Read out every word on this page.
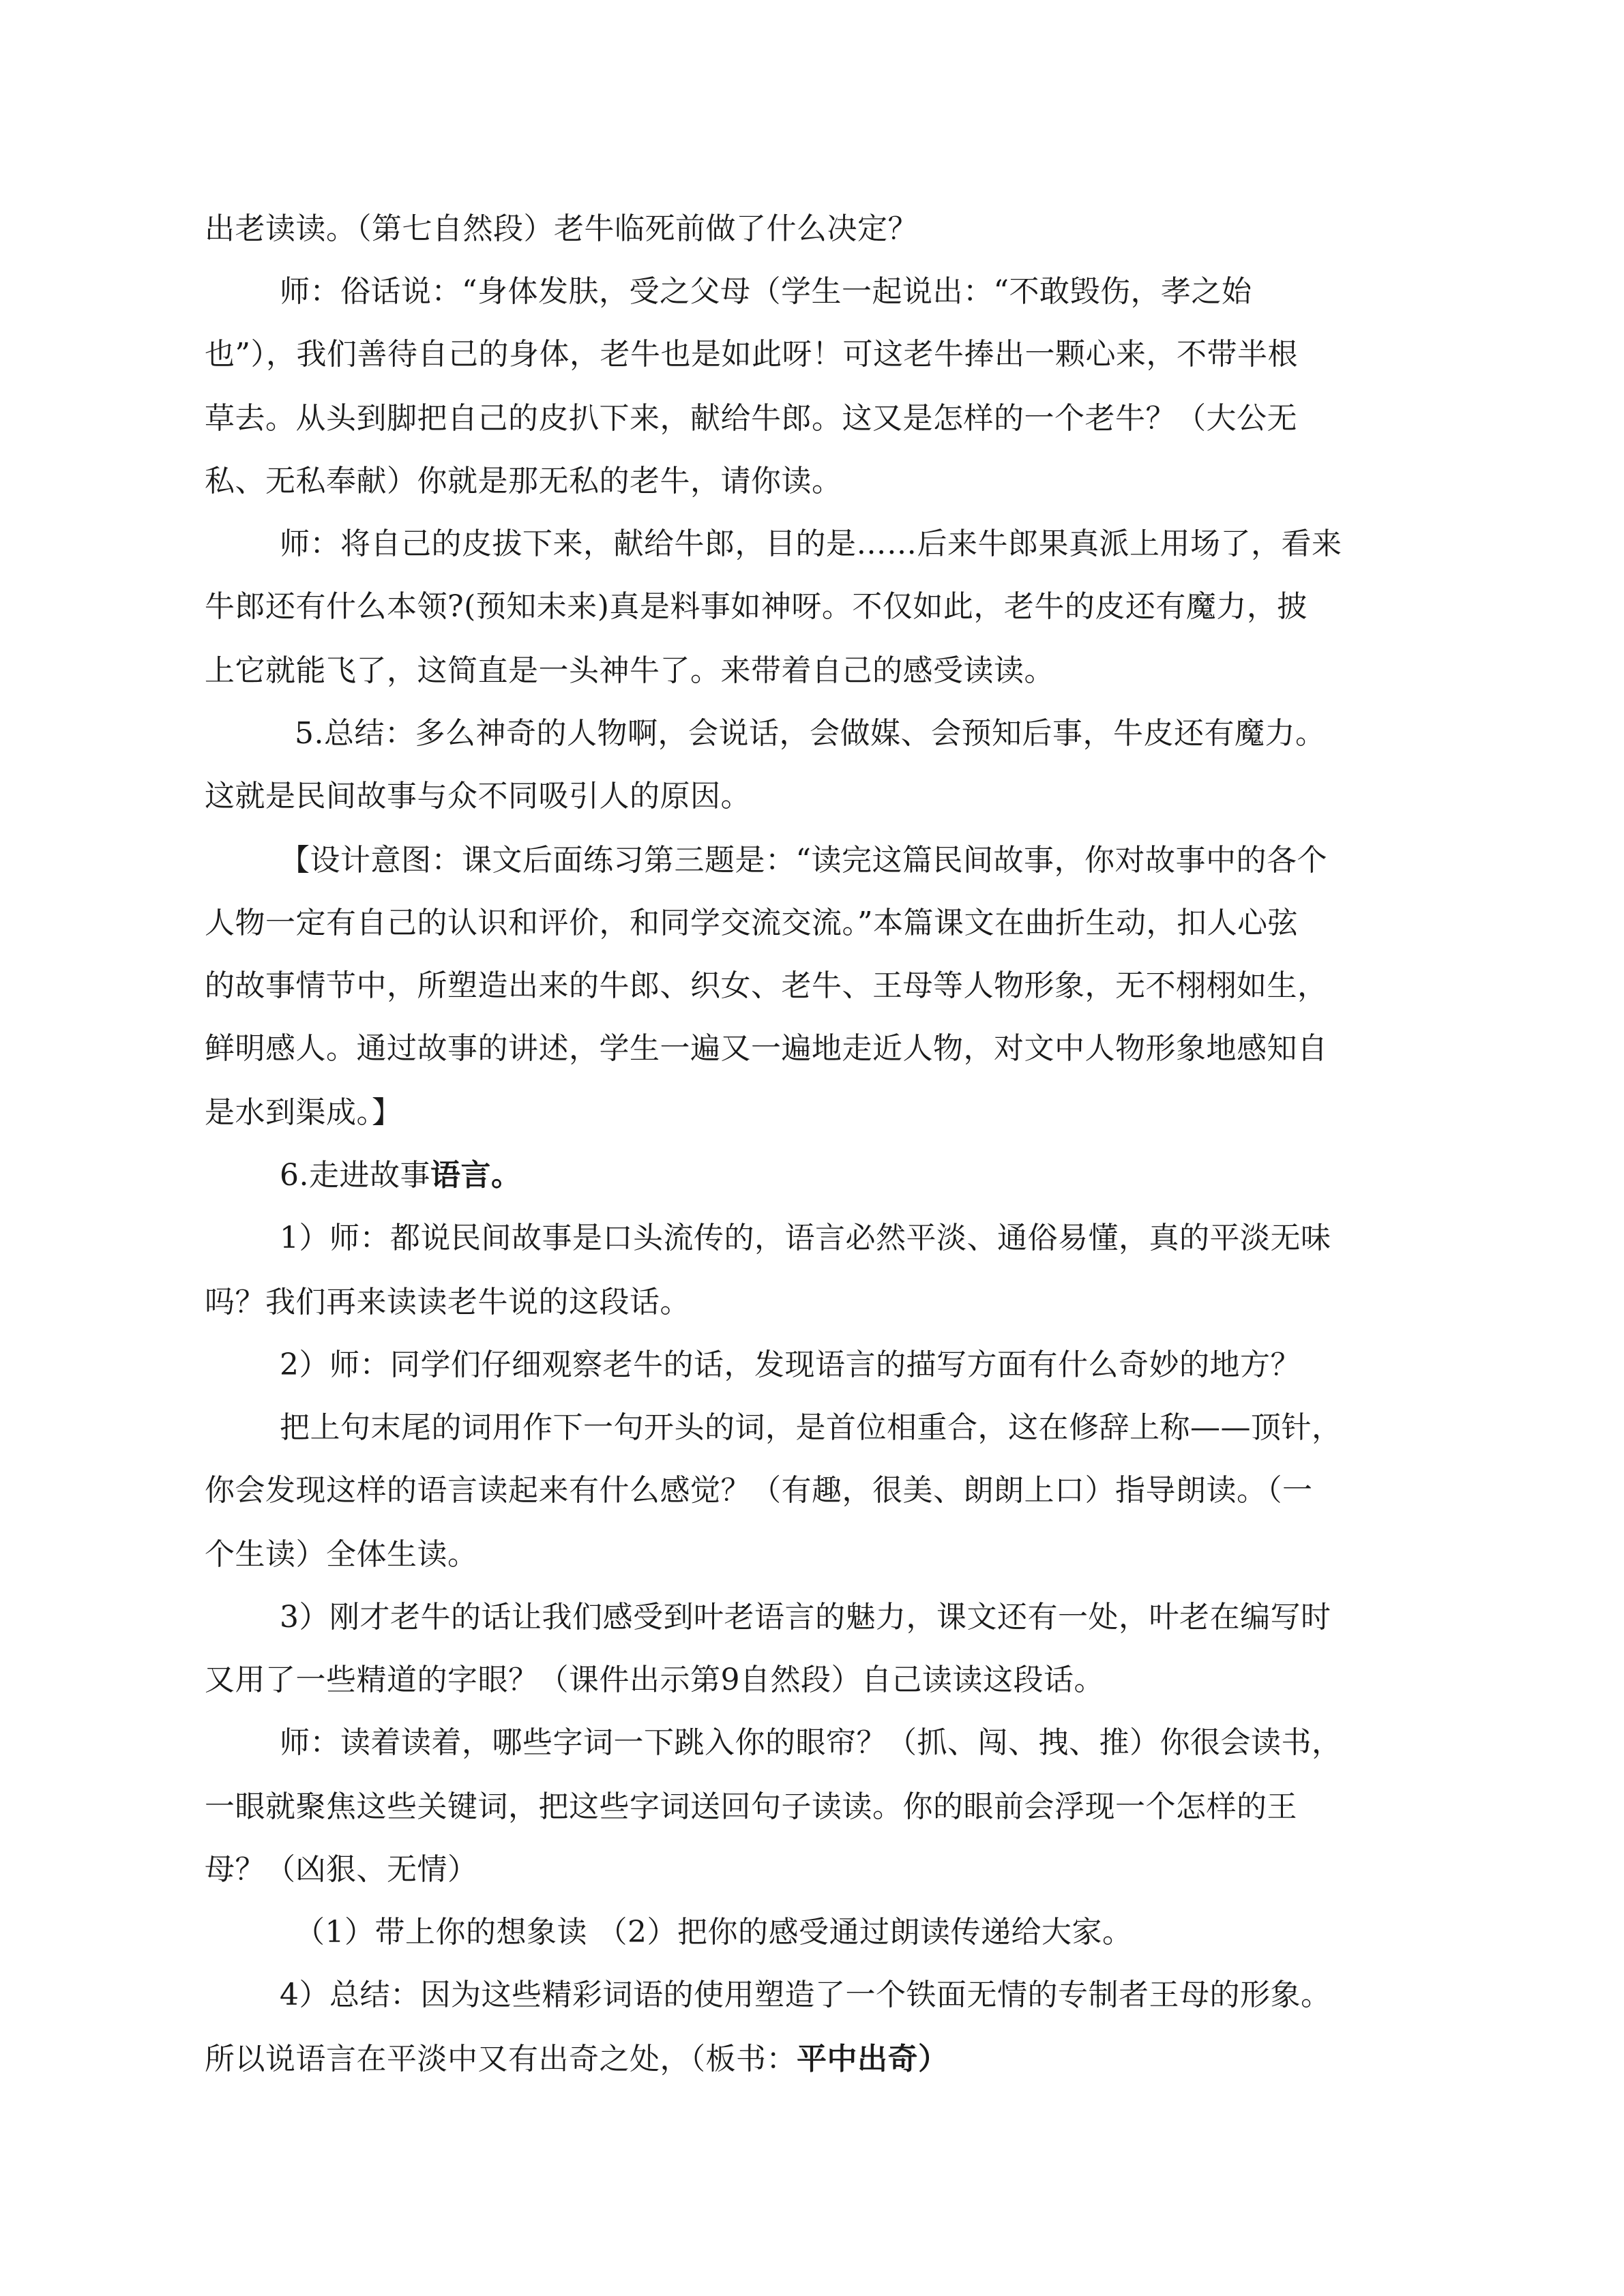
出老读读。（第七自然段）老牛临死前做了什么决定？
师：俗话说：“身体发肤，受之父母（学生一起说出：“不敢毁伤，孝之始
也”），我们善待自己的身体，老牛也是如此呀！可这老牛捧出一颗心来，不带半根
草去。从头到脚把自己的皮扒下来，献给牛郎。这又是怎样的一个老牛？（大公无
私、无私奉献）你就是那无私的老牛，请你读。
师：将自己的皮拔下来，献给牛郎，目的是……后来牛郎果真派上用场了，看来
牛郎还有什么本领?(预知未来)真是料事如神呀。不仅如此，老牛的皮还有魔力，披
上它就能飞了，这简直是一头神牛了。来带着自己的感受读读。
5.总结：多么神奇的人物啊，会说话，会做媒、会预知后事，牛皮还有魔力。
这就是民间故事与众不同吸引人的原因。
【设计意图：课文后面练习第三题是：“读完这篇民间故事，你对故事中的各个
人物一定有自己的认识和评价，和同学交流交流。”本篇课文在曲折生动，扣人心弦
的故事情节中，所塑造出来的牛郎、织女、老牛、王母等人物形象，无不栩栩如生，
鲜明感人。通过故事的讲述，学生一遍又一遍地走近人物，对文中人物形象地感知自
是水到渠成。】
6.走进故事语言。
1）师：都说民间故事是口头流传的，语言必然平淡、通俗易懂，真的平淡无味
吗？我们再来读读老牛说的这段话。
2）师：同学们仔细观察老牛的话，发现语言的描写方面有什么奇妙的地方？
把上句末尾的词用作下一句开头的词，是首位相重合，这在修辞上称——顶针，
你会发现这样的语言读起来有什么感觉？（有趣，很美、朗朗上口）指导朗读。（一
个生读）全体生读。
3）刚才老牛的话让我们感受到叶老语言的魅力，课文还有一处，叶老在编写时
又用了一些精道的字眼？（课件出示第9自然段）自己读读这段话。
师：读着读着，哪些字词一下跳入你的眼帘？（抓、闯、拽、推）你很会读书，
一眼就聚焦这些关键词，把这些字词送回句子读读。你的眼前会浮现一个怎样的王
母？（凶狠、无情）
（1）带上你的想象读 （2）把你的感受通过朗读传递给大家。
4）总结：因为这些精彩词语的使用塑造了一个铁面无情的专制者王母的形象。
所以说语言在平淡中又有出奇之处，（板书：平中出奇）
